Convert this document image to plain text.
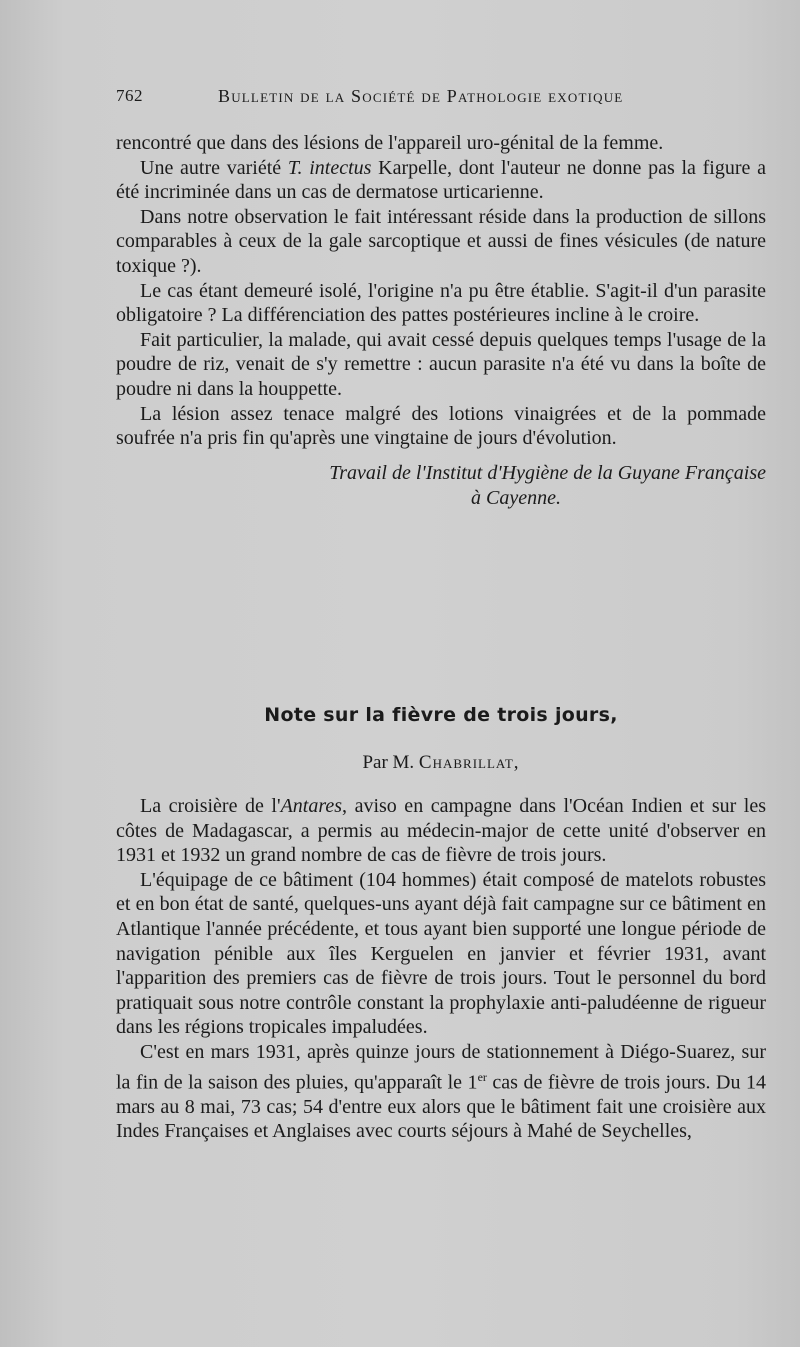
762	Bulletin de la Société de Pathologie exotique

rencontré que dans des lésions de l'appareil uro-génital de la femme.

Une autre variété T. intectus Karpelle, dont l'auteur ne donne pas la figure a été incriminée dans un cas de dermatose urticarienne.

Dans notre observation le fait intéressant réside dans la production de sillons comparables à ceux de la gale sarcoptique et aussi de fines vésicules (de nature toxique ?).

Le cas étant demeuré isolé, l'origine n'a pu être établie. S'agit-il d'un parasite obligatoire ? La différenciation des pattes postérieures incline à le croire.

Fait particulier, la malade, qui avait cessé depuis quelques temps l'usage de la poudre de riz, venait de s'y remettre : aucun parasite n'a été vu dans la boîte de poudre ni dans la houppette.

La lésion assez tenace malgré des lotions vinaigrées et de la pommade soufrée n'a pris fin qu'après une vingtaine de jours d'évolution.

Travail de l'Institut d'Hygiène de la Guyane Française
à Cayenne.

Note sur la fièvre de trois jours,
Par M. Chabrillat,

La croisière de l'Antares, aviso en campagne dans l'Océan Indien et sur les côtes de Madagascar, a permis au médecin-major de cette unité d'observer en 1931 et 1932 un grand nombre de cas de fièvre de trois jours.

L'équipage de ce bâtiment (104 hommes) était composé de matelots robustes et en bon état de santé, quelques-uns ayant déjà fait campagne sur ce bâtiment en Atlantique l'année précédente, et tous ayant bien supporté une longue période de navigation pénible aux îles Kerguelen en janvier et février 1931, avant l'apparition des premiers cas de fièvre de trois jours. Tout le personnel du bord pratiquait sous notre contrôle constant la prophylaxie anti-paludéenne de rigueur dans les régions tropicales impaludées.

C'est en mars 1931, après quinze jours de stationnement à Diégo-Suarez, sur la fin de la saison des pluies, qu'apparaît le 1er cas de fièvre de trois jours. Du 14 mars au 8 mai, 73 cas; 54 d'entre eux alors que le bâtiment fait une croisière aux Indes Françaises et Anglaises avec courts séjours à Mahé de Seychelles,
